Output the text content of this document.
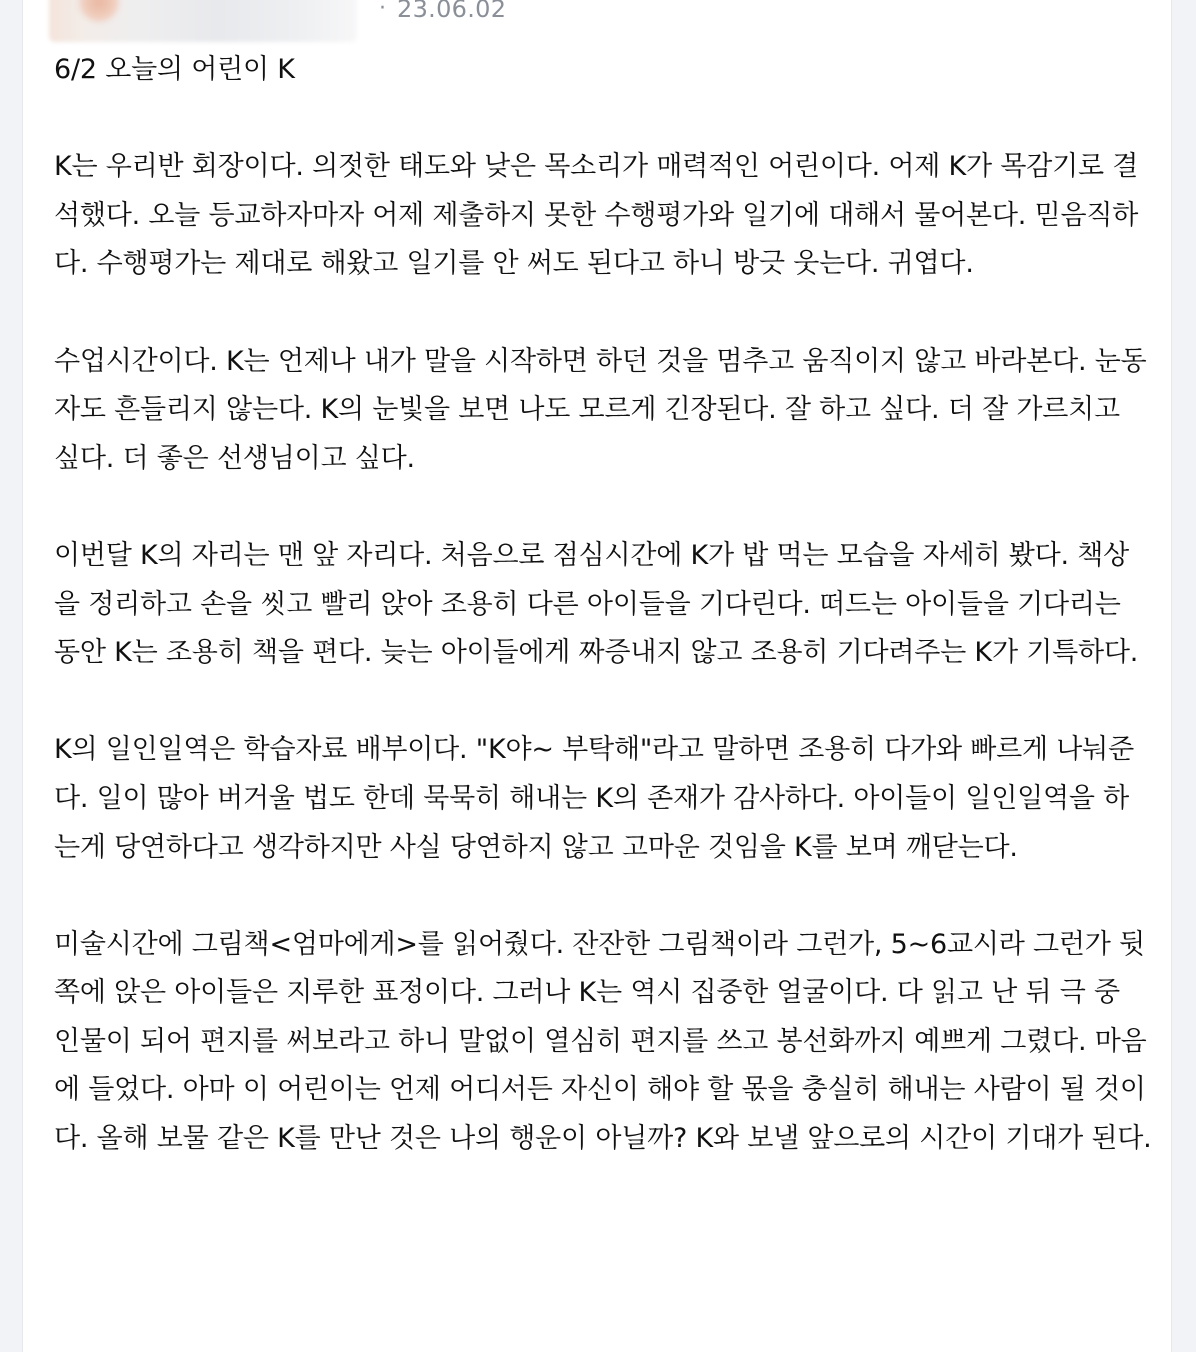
· 23.06.02

6/2 오늘의 어린이 K

K는 우리반 회장이다. 의젓한 태도와 낮은 목소리가 매력적인 어린이다. 어제 K가 목감기로 결석했다. 오늘 등교하자마자 어제 제출하지 못한 수행평가와 일기에 대해서 물어본다. 믿음직하다. 수행평가는 제대로 해왔고 일기를 안 써도 된다고 하니 방긋 웃는다. 귀엽다.

수업시간이다. K는 언제나 내가 말을 시작하면 하던 것을 멈추고 움직이지 않고 바라본다. 눈동자도 흔들리지 않는다. K의 눈빛을 보면 나도 모르게 긴장된다. 잘 하고 싶다. 더 잘 가르치고 싶다. 더 좋은 선생님이고 싶다.

이번달 K의 자리는 맨 앞 자리다. 처음으로 점심시간에 K가 밥 먹는 모습을 자세히 봤다. 책상을 정리하고 손을 씻고 빨리 앉아 조용히 다른 아이들을 기다린다. 떠드는 아이들을 기다리는 동안 K는 조용히 책을 편다. 늦는 아이들에게 짜증내지 않고 조용히 기다려주는 K가 기특하다.

K의 일인일역은 학습자료 배부이다. "K야~ 부탁해"라고 말하면 조용히 다가와 빠르게 나눠준다. 일이 많아 버거울 법도 한데 묵묵히 해내는 K의 존재가 감사하다. 아이들이 일인일역을 하는게 당연하다고 생각하지만 사실 당연하지 않고 고마운 것임을 K를 보며 깨닫는다.

미술시간에 그림책<엄마에게>를 읽어줬다. 잔잔한 그림책이라 그런가, 5~6교시라 그런가 뒷쪽에 앉은 아이들은 지루한 표정이다. 그러나 K는 역시 집중한 얼굴이다. 다 읽고 난 뒤 극 중 인물이 되어 편지를 써보라고 하니 말없이 열심히 편지를 쓰고 봉선화까지 예쁘게 그렸다. 마음에 들었다. 아마 이 어린이는 언제 어디서든 자신이 해야 할 몫을 충실히 해내는 사람이 될 것이다. 올해 보물 같은 K를 만난 것은 나의 행운이 아닐까? K와 보낼 앞으로의 시간이 기대가 된다.
